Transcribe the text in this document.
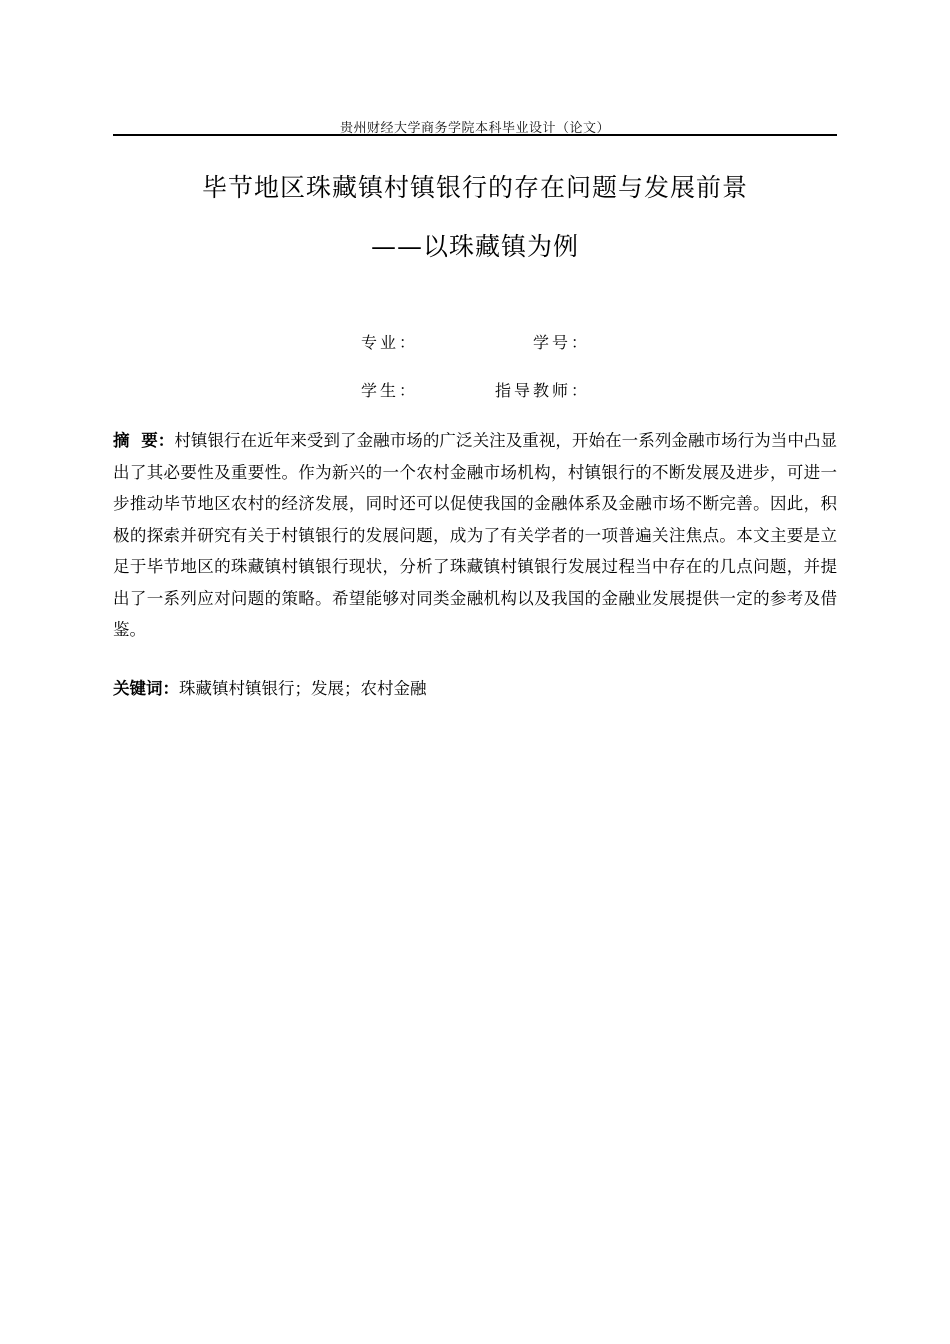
贵州财经大学商务学院本科毕业设计（论文）
毕节地区珠藏镇村镇银行的存在问题与发展前景
——以珠藏镇为例
专业：	学号：
学生：	指导教师：
摘  要：村镇银行在近年来受到了金融市场的广泛关注及重视，开始在一系列金融市场行为当中凸显出了其必要性及重要性。作为新兴的一个农村金融市场机构，村镇银行的不断发展及进步，可进一步推动毕节地区农村的经济发展，同时还可以促使我国的金融体系及金融市场不断完善。因此，积极的探索并研究有关于村镇银行的发展问题，成为了有关学者的一项普遍关注焦点。本文主要是立足于毕节地区的珠藏镇村镇银行现状，分析了珠藏镇村镇银行发展过程当中存在的几点问题，并提出了一系列应对问题的策略。希望能够对同类金融机构以及我国的金融业发展提供一定的参考及借鉴。
关键词：珠藏镇村镇银行；发展；农村金融
